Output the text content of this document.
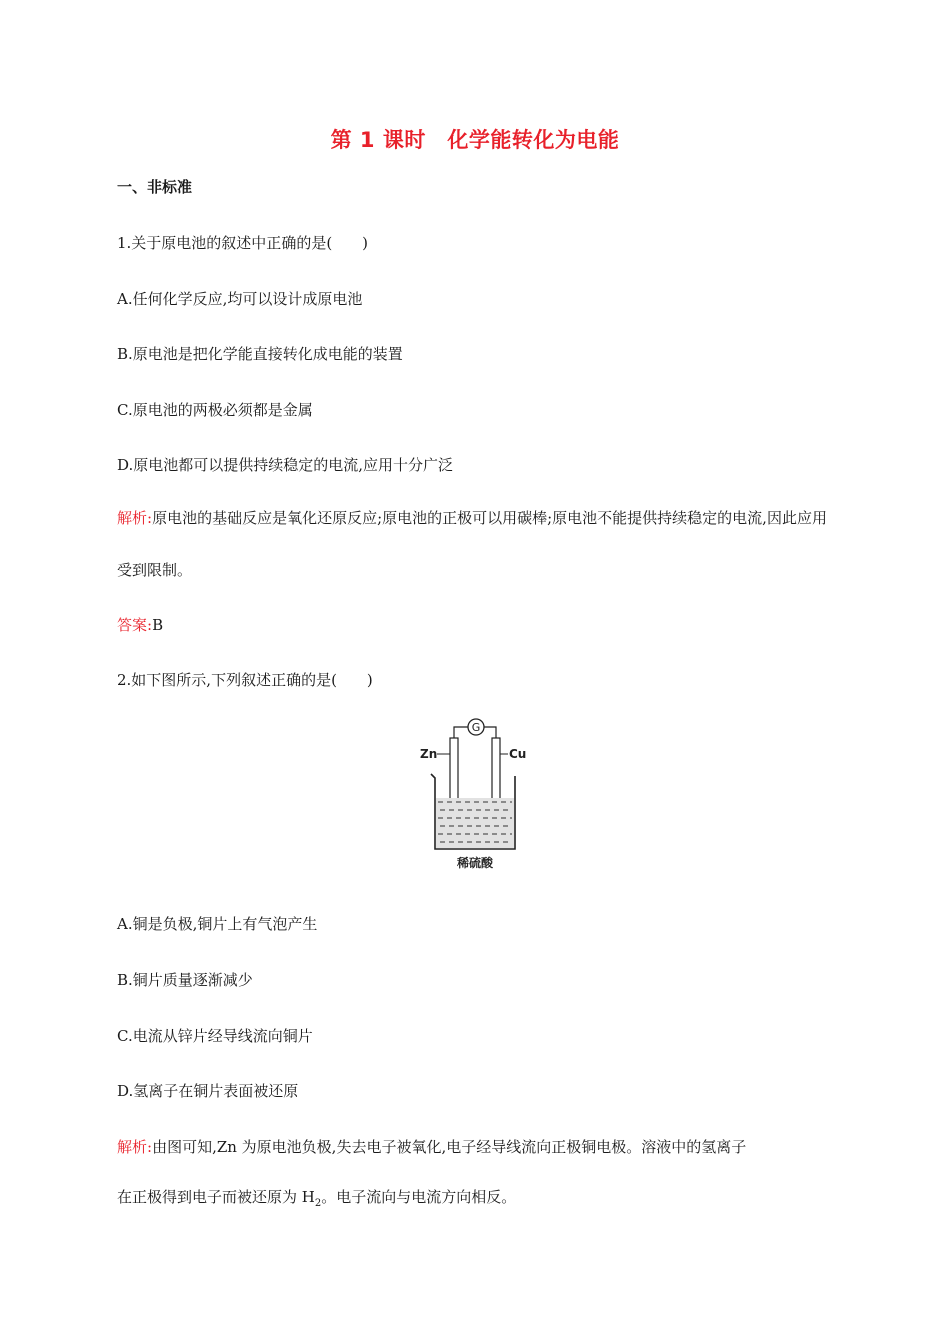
第 1 课时　化学能转化为电能
一、非标准
1.关于原电池的叙述中正确的是(　　)
A.任何化学反应,均可以设计成原电池
B.原电池是把化学能直接转化成电能的装置
C.原电池的两极必须都是金属
D.原电池都可以提供持续稳定的电流,应用十分广泛
解析:原电池的基础反应是氧化还原反应;原电池的正极可以用碳棒;原电池不能提供持续稳定的电流,因此应用受到限制。
答案:B
2.如下图所示,下列叙述正确的是(　　)
G
Zn	Cu
稀硫酸
A.铜是负极,铜片上有气泡产生
B.铜片质量逐渐减少
C.电流从锌片经导线流向铜片
D.氢离子在铜片表面被还原
解析:由图可知,Zn 为原电池负极,失去电子被氧化,电子经导线流向正极铜电极。溶液中的氢离子
在正极得到电子而被还原为 $H_2$。电子流向与电流方向相反。
